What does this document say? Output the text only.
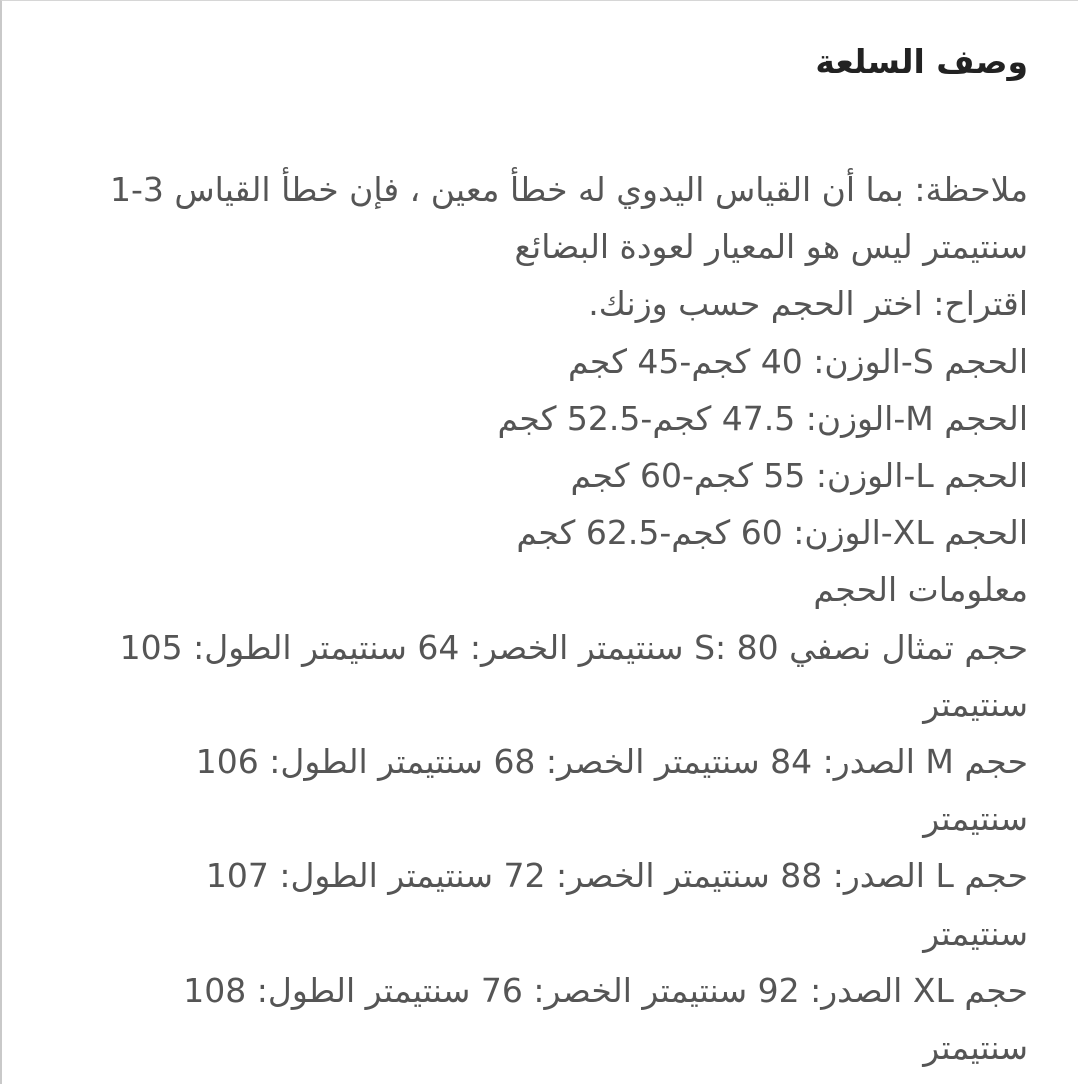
وصف السلعة
ملاحظة: بما أن القياس اليدوي له خطأ معين ، فإن خطأ القياس 3-1 سنتيمتر ليس هو المعيار لعودة البضائع
اقتراح: اختر الحجم حسب وزنك.
الحجم S-الوزن: 40 كجم-45 كجم
الحجم M-الوزن: 47.5 كجم-52.5 كجم
الحجم L-الوزن: 55 كجم-60 كجم
الحجم XL-الوزن: 60 كجم-62.5 كجم
معلومات الحجم
حجم تمثال نصفي S: 80 سنتيمتر الخصر: 64 سنتيمتر الطول: 105 سنتيمتر
حجم M الصدر: 84 سنتيمتر الخصر: 68 سنتيمتر الطول: 106 سنتيمتر
حجم L الصدر: 88 سنتيمتر الخصر: 72 سنتيمتر الطول: 107 سنتيمتر
حجم XL الصدر: 92 سنتيمتر الخصر: 76 سنتيمتر الطول: 108 سنتيمتر
